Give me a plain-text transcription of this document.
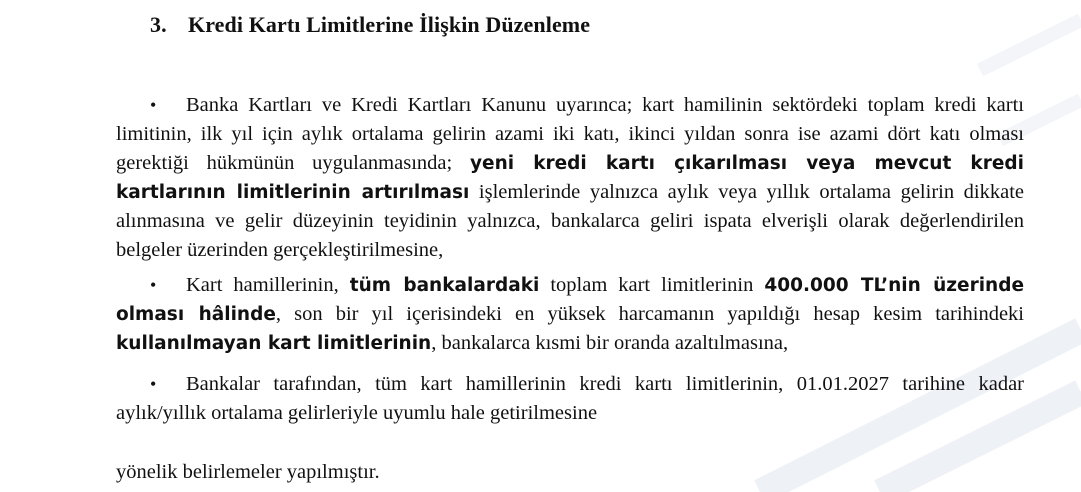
3. Kredi Kartı Limitlerine İlişkin Düzenleme
• Banka Kartları ve Kredi Kartları Kanunu uyarınca; kart hamilinin sektördeki toplam kredi kartı limitinin, ilk yıl için aylık ortalama gelirin azami iki katı, ikinci yıldan sonra ise azami dört katı olması gerektiği hükmünün uygulanmasında; yeni kredi kartı çıkarılması veya mevcut kredi kartlarının limitlerinin artırılması işlemlerinde yalnızca aylık veya yıllık ortalama gelirin dikkate alınmasına ve gelir düzeyinin teyidinin yalnızca, bankalarca geliri ispata elverişli olarak değerlendirilen belgeler üzerinden gerçekleştirilmesine,
• Kart hamillerinin, tüm bankalardaki toplam kart limitlerinin 400.000 TL’nin üzerinde olması hâlinde, son bir yıl içerisindeki en yüksek harcamanın yapıldığı hesap kesim tarihindeki kullanılmayan kart limitlerinin, bankalarca kısmi bir oranda azaltılmasına,
• Bankalar tarafından, tüm kart hamillerinin kredi kartı limitlerinin, 01.01.2027 tarihine kadar aylık/yıllık ortalama gelirleriyle uyumlu hale getirilmesine
yönelik belirlemeler yapılmıştır.
